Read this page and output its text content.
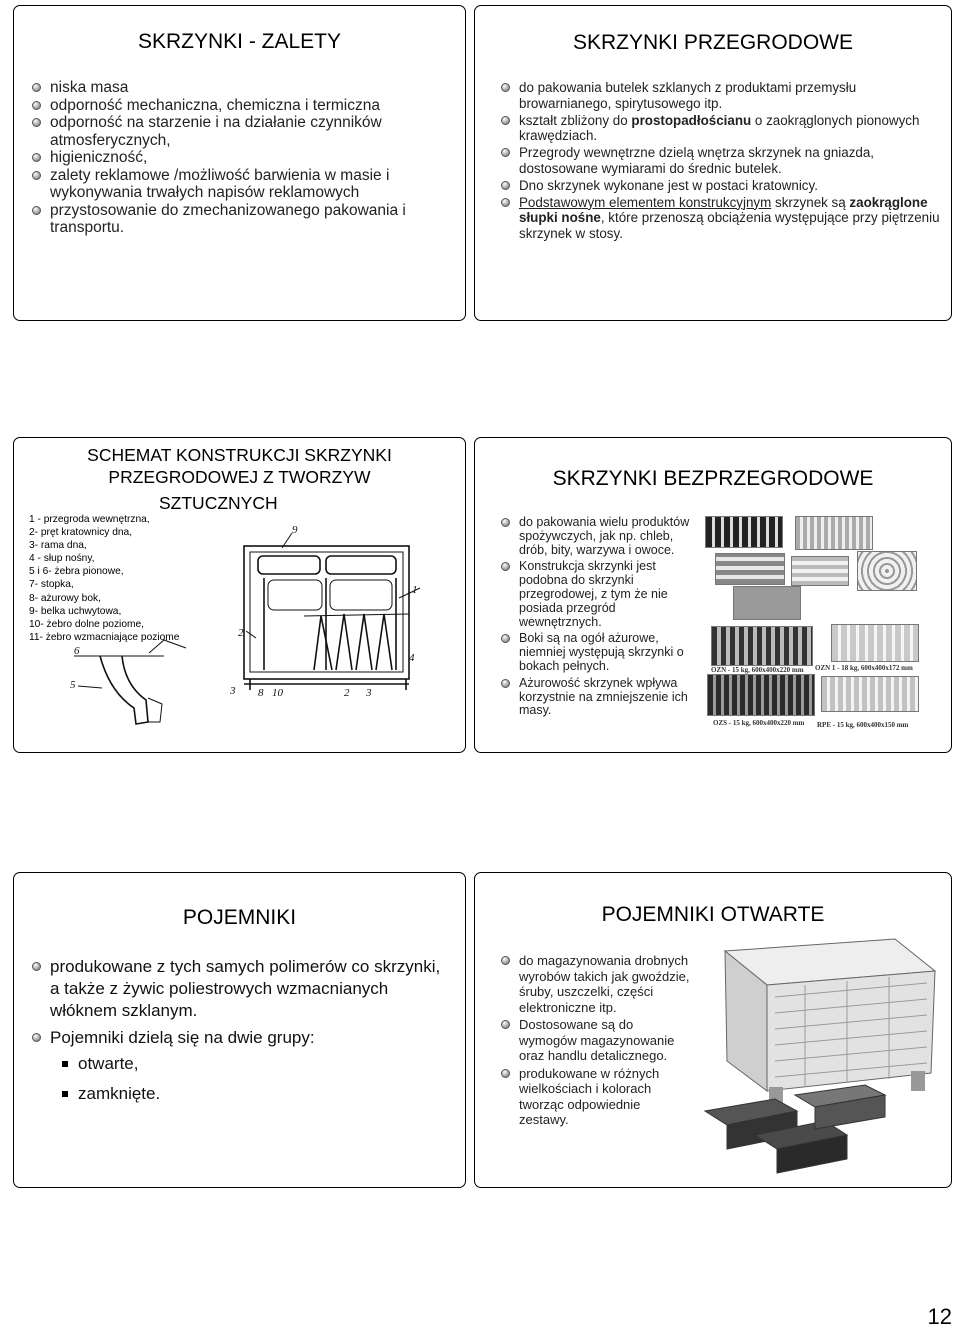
SKRZYNKI - ZALETY
niska masa
odporność mechaniczna, chemiczna i termiczna
odporność na starzenie i na działanie czynników atmosferycznych,
higieniczność,
zalety reklamowe /możliwość barwienia w masie i wykonywania trwałych napisów reklamowych
przystosowanie do zmechanizowanego pakowania i transportu.
SKRZYNKI PRZEGRODOWE
do pakowania butelek szklanych z produktami przemysłu browarnianego, spirytusowego itp.
kształt zbliżony do prostopadłościanu o zaokrąglonych pionowych krawędziach.
Przegrody wewnętrzne dzielą wnętrza skrzynek na gniazda, dostosowane wymiarami do średnic butelek.
Dno skrzynek wykonane jest w postaci kratownicy.
Podstawowym elementem konstrukcyjnym skrzynek są zaokrąglone słupki nośne, które przenoszą obciążenia występujące przy piętrzeniu skrzynek w stosy.
SCHEMAT KONSTRUKCJI SKRZYNKI
PRZEGRODOWEJ Z TWORZYW
SZTUCZNYCH
1 - przegroda wewnętrzna,
2- pręt kratownicy dna,
3- rama dna,
4 - słup nośny,
5 i 6- żebra pionowe,
7- stopka,
8- ażurowy bok,
9- belka uchwytowa,
10- żebro dolne poziome,
11- żebro wzmacniające poziome
9
1
4
2
3 8 10	2 3
6
5
SKRZYNKI BEZPRZEGRODOWE
do pakowania wielu produktów spożywczych, jak np. chleb, drób, bity, warzywa i owoce.
Konstrukcja skrzynki jest podobna do skrzynki przegrodowej, z tym że nie posiada przegród wewnętrznych.
Boki są na ogół ażurowe, niemniej występują skrzynki o bokach pełnych.
Ażurowość skrzynek wpływa korzystnie na zmniejszenie ich masy.
OZN - 15 kg, 600x400x220 mm OZN 1 - 18 kg, 600x400x172 mm
OZS - 15 kg, 600x400x220 mm RPE - 15 kg, 600x400x150 mm
POJEMNIKI
produkowane z tych samych polimerów co skrzynki, a także z żywic poliestrowych wzmacnianych włóknem szklanym.
Pojemniki dzielą się na dwie grupy:
otwarte,
zamknięte.
POJEMNIKI OTWARTE
do magazynowania drobnych wyrobów takich jak gwoździe, śruby, uszczelki, części elektroniczne itp.
Dostosowane są do wymogów magazynowanie oraz handlu detalicznego.
produkowane w różnych wielkościach i kolorach tworząc odpowiednie zestawy.
12
